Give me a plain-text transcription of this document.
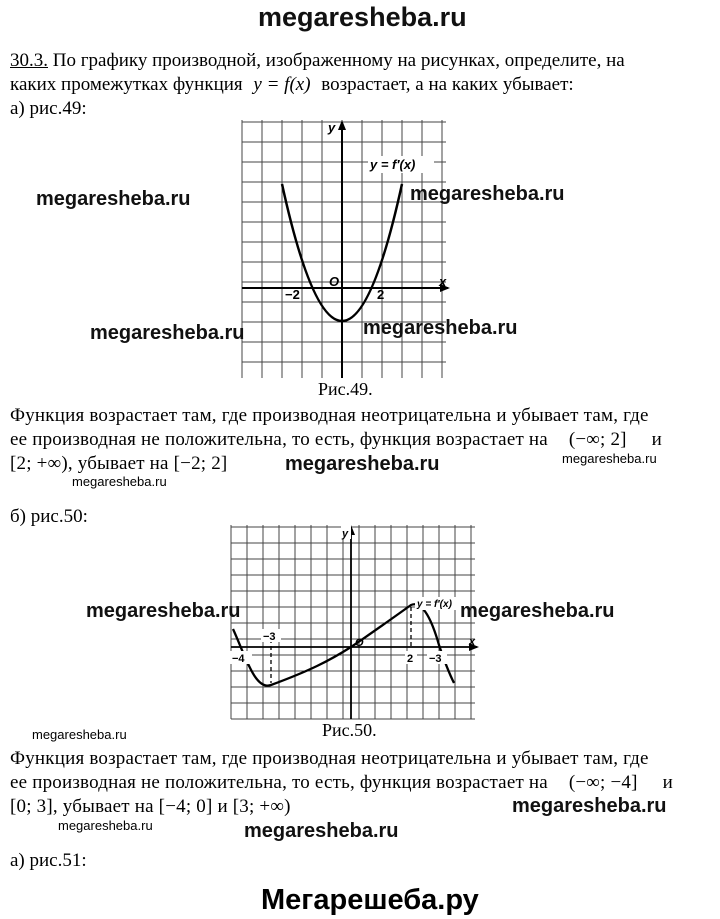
megaresheba.ru
30.3. По графику производной, изображенному на рисунках, определите, на
каких промежутках функция y = f(x) возрастает, а на каких убывает:
а) рис.49:
y
x
O
y = f′(x)
−2	2
Рис.49.
Функция возрастает там, где производная неотрицательна и убывает там, где
ее производная не положительна, то есть, функция возрастает на (−∞; 2] и
[2; +∞), убывает на [−2; 2]
б) рис.50:
y
x
O
y = f′(x)
−3
−4	2 −3
Рис.50.
Функция возрастает там, где производная неотрицательна и убывает там, где
ее производная не положительна, то есть, функция возрастает на (−∞; −4] и
[0; 3], убывает на [−4; 0] и [3; +∞)
а) рис.51:
megaresheba.ru	megaresheba.ru
megaresheba.ru	megaresheba.ru
megaresheba.ru	megaresheba.ru
megaresheba.ru
megaresheba.ru	megaresheba.ru
megaresheba.ru
megaresheba.ru
megaresheba.ru	megaresheba.ru
Мегарешеба.ру
